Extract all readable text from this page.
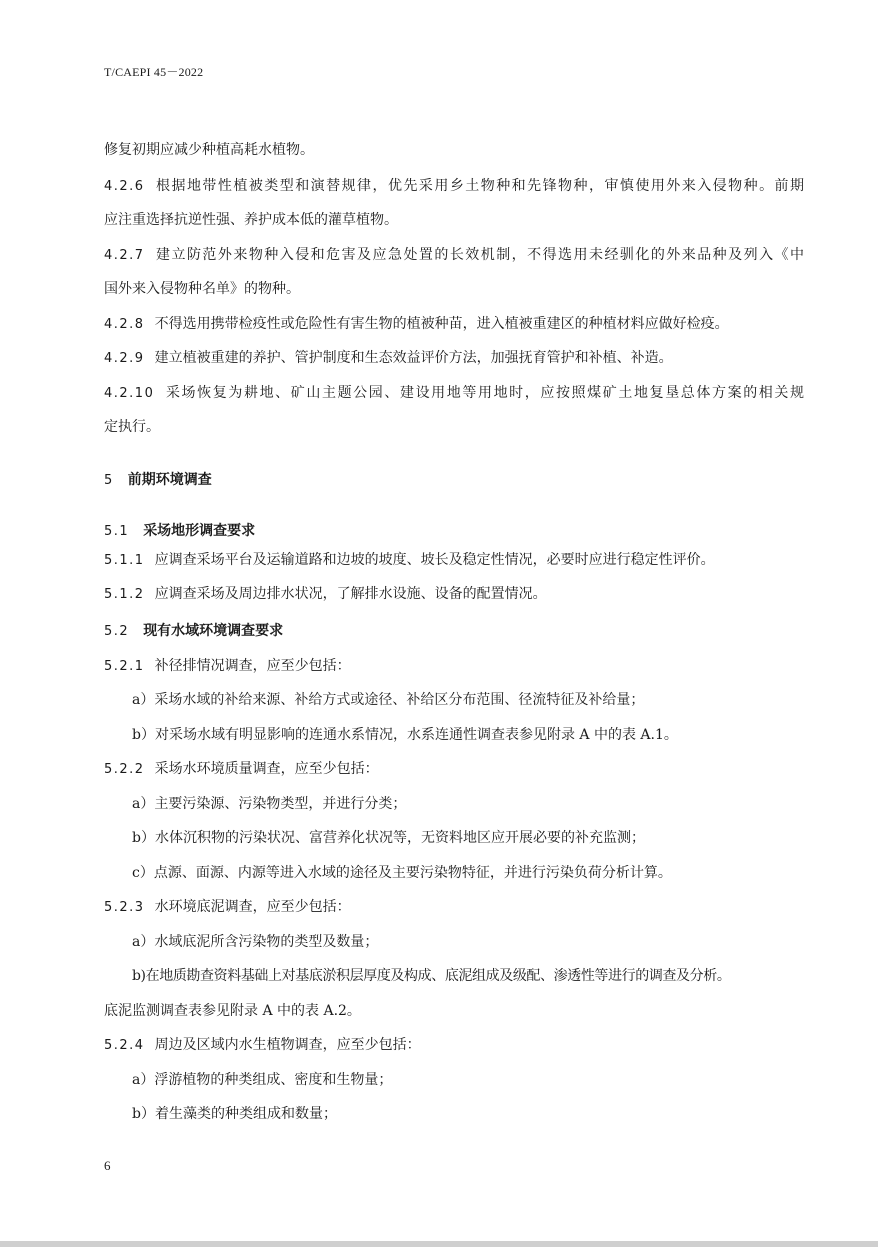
T/CAEPI 45－2022
修复初期应减少种植高耗水植物。
4.2.6 根据地带性植被类型和演替规律，优先采用乡土物种和先锋物种，审慎使用外来入侵物种。前期
应注重选择抗逆性强、养护成本低的灌草植物。
4.2.7 建立防范外来物种入侵和危害及应急处置的长效机制，不得选用未经驯化的外来品种及列入《中
国外来入侵物种名单》的物种。
4.2.8 不得选用携带检疫性或危险性有害生物的植被种苗，进入植被重建区的种植材料应做好检疫。
4.2.9 建立植被重建的养护、管护制度和生态效益评价方法，加强抚育管护和补植、补造。
4.2.10 采场恢复为耕地、矿山主题公园、建设用地等用地时，应按照煤矿土地复垦总体方案的相关规
定执行。
5 前期环境调查
5.1 采场地形调查要求
5.1.1 应调查采场平台及运输道路和边坡的坡度、坡长及稳定性情况，必要时应进行稳定性评价。
5.1.2 应调查采场及周边排水状况，了解排水设施、设备的配置情况。
5.2 现有水域环境调查要求
5.2.1 补径排情况调查，应至少包括：
a）采场水域的补给来源、补给方式或途径、补给区分布范围、径流特征及补给量；
b）对采场水域有明显影响的连通水系情况，水系连通性调查表参见附录 A 中的表 A.1。
5.2.2 采场水环境质量调查，应至少包括：
a）主要污染源、污染物类型，并进行分类；
b）水体沉积物的污染状况、富营养化状况等，无资料地区应开展必要的补充监测；
c）点源、面源、内源等进入水域的途径及主要污染物特征，并进行污染负荷分析计算。
5.2.3 水环境底泥调查，应至少包括：
a）水域底泥所含污染物的类型及数量；
b)在地质勘查资料基础上对基底淤积层厚度及构成、底泥组成及级配、渗透性等进行的调查及分析。
底泥监测调查表参见附录 A 中的表 A.2。
5.2.4 周边及区域内水生植物调查，应至少包括：
a）浮游植物的种类组成、密度和生物量；
b）着生藻类的种类组成和数量；
6
